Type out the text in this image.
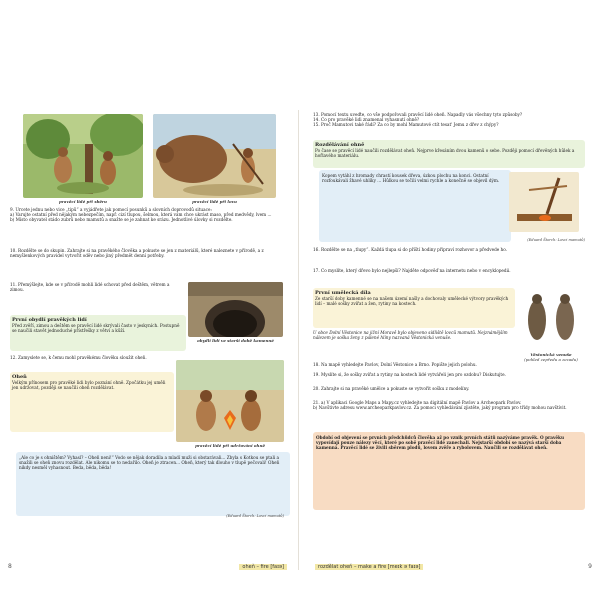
pravěcí lidé při sběru	pravěcí lidé při lovu
9. Urcete jednu nebo vice „tipů“ a vyjádřete jak pomocí posunků a slovních doprovodů situace:
a) Varujte ostatní před nějakým nebezpečím, např. cizí tlupou, šelmou, která vám chce ukrást maso, před medvědy, lvem ...
b) Místo obyvatel stádo zubrů nebo mamutů a snažte se je zahnat ke srázu. Jednotlivé úlovky si rozdělte.
10. Rozdělte se do skupin. Zahrajte si na pravěkého člověka a pokuste se jen z materiálů, které naleznete v přírodě, a z nemyšlenkových pravidel vytvořit oděv nebo jiný předmět denní potřeby.
11. Přemýšlejte, kde se v přírodě mohli lidé schovat před deštěm, větrem a zimou.
obydlí lidí ve starší době kamenné
První obydlí pravěkých lidí
Před zvěří, zimou a deštěm se pravěcí lidé skrývali často v jeskyních. Postupně se naučili stavět jednoduché přístřešky z větví a kůží.
12. Zamyslete se, k čemu mohl pravěkému člověku sloužit oheň.
Oheň
Velkým přínosem pro pravěké lidi bylo poznání ohně. Zpočátku jej uměli jen udržovat, později se naučili oheň rozdělávat.
pravěcí lidé při udržování ohně
„Ale co je s ohništěm? Vyhasl? – Oheň neni!“ Vodo se nějak doradila a mladí muži si obstarávali... Zbyla s Kotkou se ptali a snažili se oheň znovu rozdělat. Ale nikomu se to nedařilo. Oheň je ztracen... Oheň, který tak dlouho v tlupě pečovali! Oheň nikdy nesměl vyhasnout. Beda, běda, běda!
(Eduard Štorch: Lovci mamutů)
8	oheň – fire [faɪə]
13. Pomocí textu uveďte, co vše podpořovali pravěcí lidé oheň. Napadly vás všechny tyto způsoby?
14. Co pro pravěké lidi znamenal vyhasnutí ohně?
15. Proč Mamutovi také řádí? Za co by mohl Mamutové ctít tesat' Jemu z dřev z chýpy?
Rozdělávání ohně
Po čase se pravěcí lidé naučili rozdělávat oheň. Nejprve křesáním dvou kamenů o sebe. Později pomocí dřevěných hůlek a hořlavého materiálu.
Kopem vytáhl z hromady chrastí kousek dřeva, úzkou plochu na konci. Ostatní rozfoukávali žhavé uhlíky ... Hůlkou se točili velmi rychle a konečně se objevil dým.
(Eduard Štorch: Lovci mamutů)
16. Rozdělte se na „tlupy“. Každá tlupa si do příští hodiny připraví rozhovor a předvede ho.
17. Co myslíte, který dřevo bylo nejlepší? Najděte odpověď na internetu nebo v encyklopedii.
První umělecká díla
Ze starší doby kamenné se na našem území našly a dochovaly umělecké výtvory pravěkých lidí – malé sošky zvířat a žen, rytiny na kostech.
U obce Dolní Věstonice na jižní Moravě bylo objeveno sídliště lovců mamutů. Nejznámějším nálezem je soška ženy z pálené hlíny nazvaná Věstonická venuše.
Věstonická venuše
(pohled zepředu a zezadu)
18. Na mapě vyhledejte Pavlov, Dolní Věstonice a Brno. Popište jejich polohu.
19. Myslíte si, že sošky zvířat a rytiny na kostech lidé vytvářeli jen pro ozdobu? Diskutujte.
20. Zahrajte si na pravěké umělce a pokuste se vytvořit sošku z modelíny.
21. a) V aplikaci Google Maps a Mapy.cz vyhledejte na digitální mapě Pavlov a Archeopark Pavlov.
b) Navštivte adresu www.archeoparkpavlov.cz. Za pomoci vyhledávání zjistěte, jaký program pro třídy mohou navštívit.
Období od objevení se prvních předchůdců člověka až po vznik prvních států nazýváme pravěk. O pravěku vypovídají pouze nálezy věcí, které po sobě pravěcí lidé zanechali. Nejstarší období se nazývá starší doba kamenná. Pravěcí lidé se živili sběrem plodů, lovem zvěře a rybolovem. Naučili se rozdělávat oheň.
rozdělat oheň – make a fire [meɪk ə faɪə]	9
